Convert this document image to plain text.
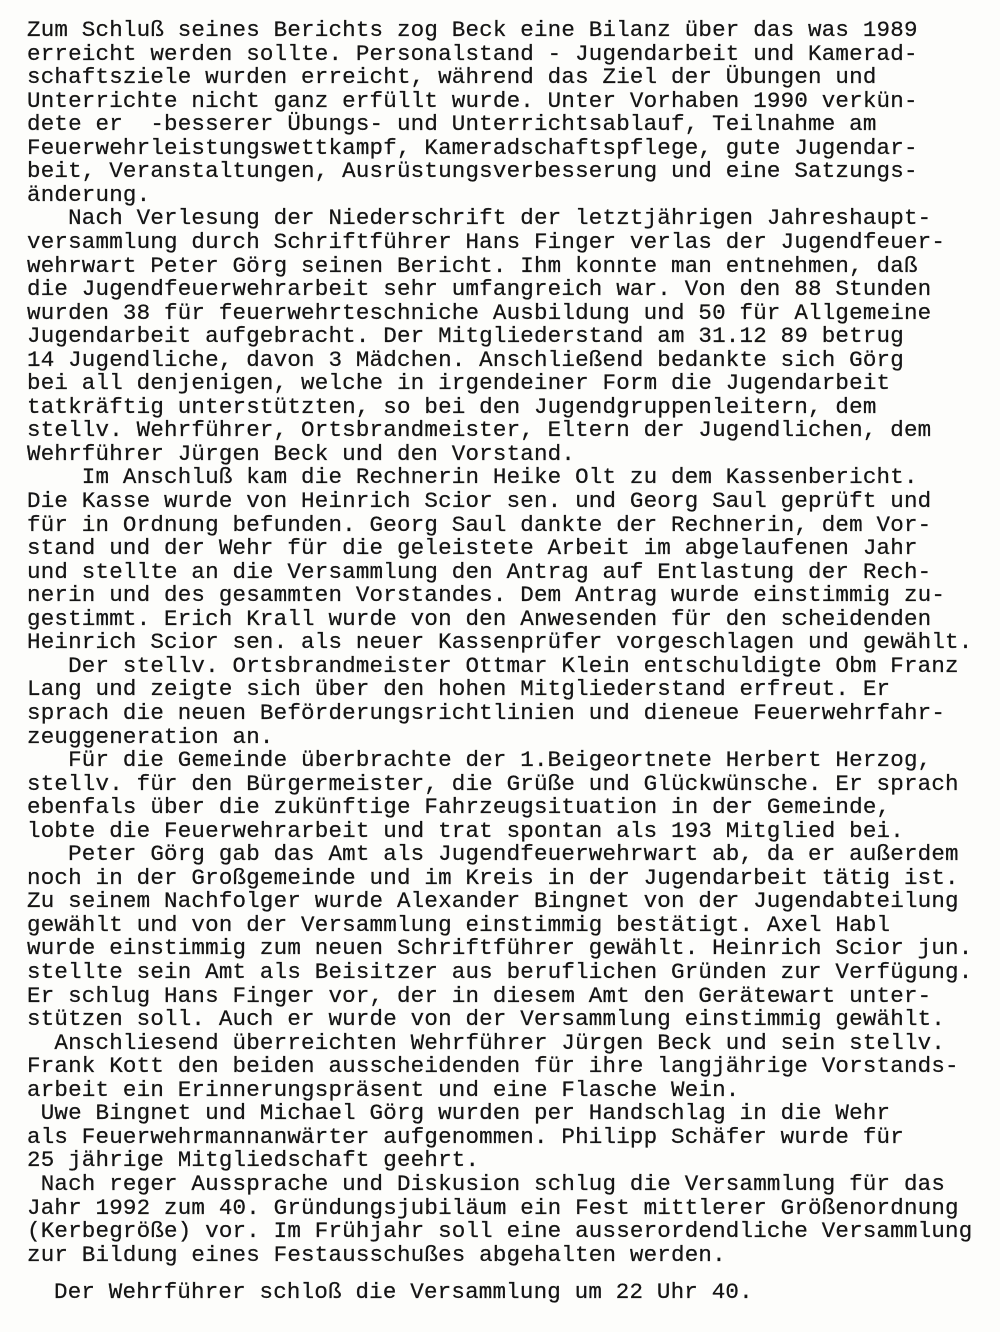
Zum Schluß seines Berichts zog Beck eine Bilanz über das was 1989
erreicht werden sollte. Personalstand - Jugendarbeit und Kamerad-
schaftsziele wurden erreicht, während das Ziel der Übungen und
Unterrichte nicht ganz erfüllt wurde. Unter Vorhaben 1990 verkün-
dete er  -besserer Übungs- und Unterrichtsablauf, Teilnahme am
Feuerwehrleistungswettkampf, Kameradschaftspflege, gute Jugendar-
beit, Veranstaltungen, Ausrüstungsverbesserung und eine Satzungs-
änderung.
Nach Verlesung der Niederschrift der letztjährigen Jahreshaupt-
versammlung durch Schriftführer Hans Finger verlas der Jugendfeuer-
wehrwart Peter Görg seinen Bericht. Ihm konnte man entnehmen, daß
die Jugendfeuerwehrarbeit sehr umfangreich war. Von den 88 Stunden
wurden 38 für feuerwehrteschniche Ausbildung und 50 für Allgemeine
Jugendarbeit aufgebracht. Der Mitgliederstand am 31.12 89 betrug
14 Jugendliche, davon 3 Mädchen. Anschließend bedankte sich Görg
bei all denjenigen, welche in irgendeiner Form die Jugendarbeit
tatkräftig unterstützten, so bei den Jugendgruppenleitern, dem
stellv. Wehrführer, Ortsbrandmeister, Eltern der Jugendlichen, dem
Wehrführer Jürgen Beck und den Vorstand.
Im Anschluß kam die Rechnerin Heike Olt zu dem Kassenbericht.
Die Kasse wurde von Heinrich Scior sen. und Georg Saul geprüft und
für in Ordnung befunden. Georg Saul dankte der Rechnerin, dem Vor-
stand und der Wehr für die geleistete Arbeit im abgelaufenen Jahr
und stellte an die Versammlung den Antrag auf Entlastung der Rech-
nerin und des gesammten Vorstandes. Dem Antrag wurde einstimmig zu-
gestimmt. Erich Krall wurde von den Anwesenden für den scheidenden
Heinrich Scior sen. als neuer Kassenprüfer vorgeschlagen und gewählt.
Der stellv. Ortsbrandmeister Ottmar Klein entschuldigte Obm Franz
Lang und zeigte sich über den hohen Mitgliederstand erfreut. Er
sprach die neuen Beförderungsrichtlinien und dieneue Feuerwehrfahr-
zeuggeneration an.
Für die Gemeinde überbrachte der 1.Beigeortnete Herbert Herzog,
stellv. für den Bürgermeister, die Grüße und Glückwünsche. Er sprach
ebenfals über die zukünftige Fahrzeugsituation in der Gemeinde,
lobte die Feuerwehrarbeit und trat spontan als 193 Mitglied bei.
Peter Görg gab das Amt als Jugendfeuerwehrwart ab, da er außerdem
noch in der Großgemeinde und im Kreis in der Jugendarbeit tätig ist.
Zu seinem Nachfolger wurde Alexander Bingnet von der Jugendabteilung
gewählt und von der Versammlung einstimmig bestätigt. Axel Habl
wurde einstimmig zum neuen Schriftführer gewählt. Heinrich Scior jun.
stellte sein Amt als Beisitzer aus beruflichen Gründen zur Verfügung.
Er schlug Hans Finger vor, der in diesem Amt den Gerätewart unter-
stützen soll. Auch er wurde von der Versammlung einstimmig gewählt.
Anschliesend überreichten Wehrführer Jürgen Beck und sein stellv.
Frank Kott den beiden ausscheidenden für ihre langjährige Vorstands-
arbeit ein Erinnerungspräsent und eine Flasche Wein.
Uwe Bingnet und Michael Görg wurden per Handschlag in die Wehr
als Feuerwehrmannanwärter aufgenommen. Philipp Schäfer wurde für
25 jährige Mitgliedschaft geehrt.
Nach reger Aussprache und Diskusion schlug die Versammlung für das
Jahr 1992 zum 40. Gründungsjubiläum ein Fest mittlerer Größenordnung
(Kerbegröße) vor. Im Frühjahr soll eine ausserordendliche Versammlung
zur Bildung eines Festausschußes abgehalten werden.
Der Wehrführer schloß die Versammlung um 22 Uhr 40.
